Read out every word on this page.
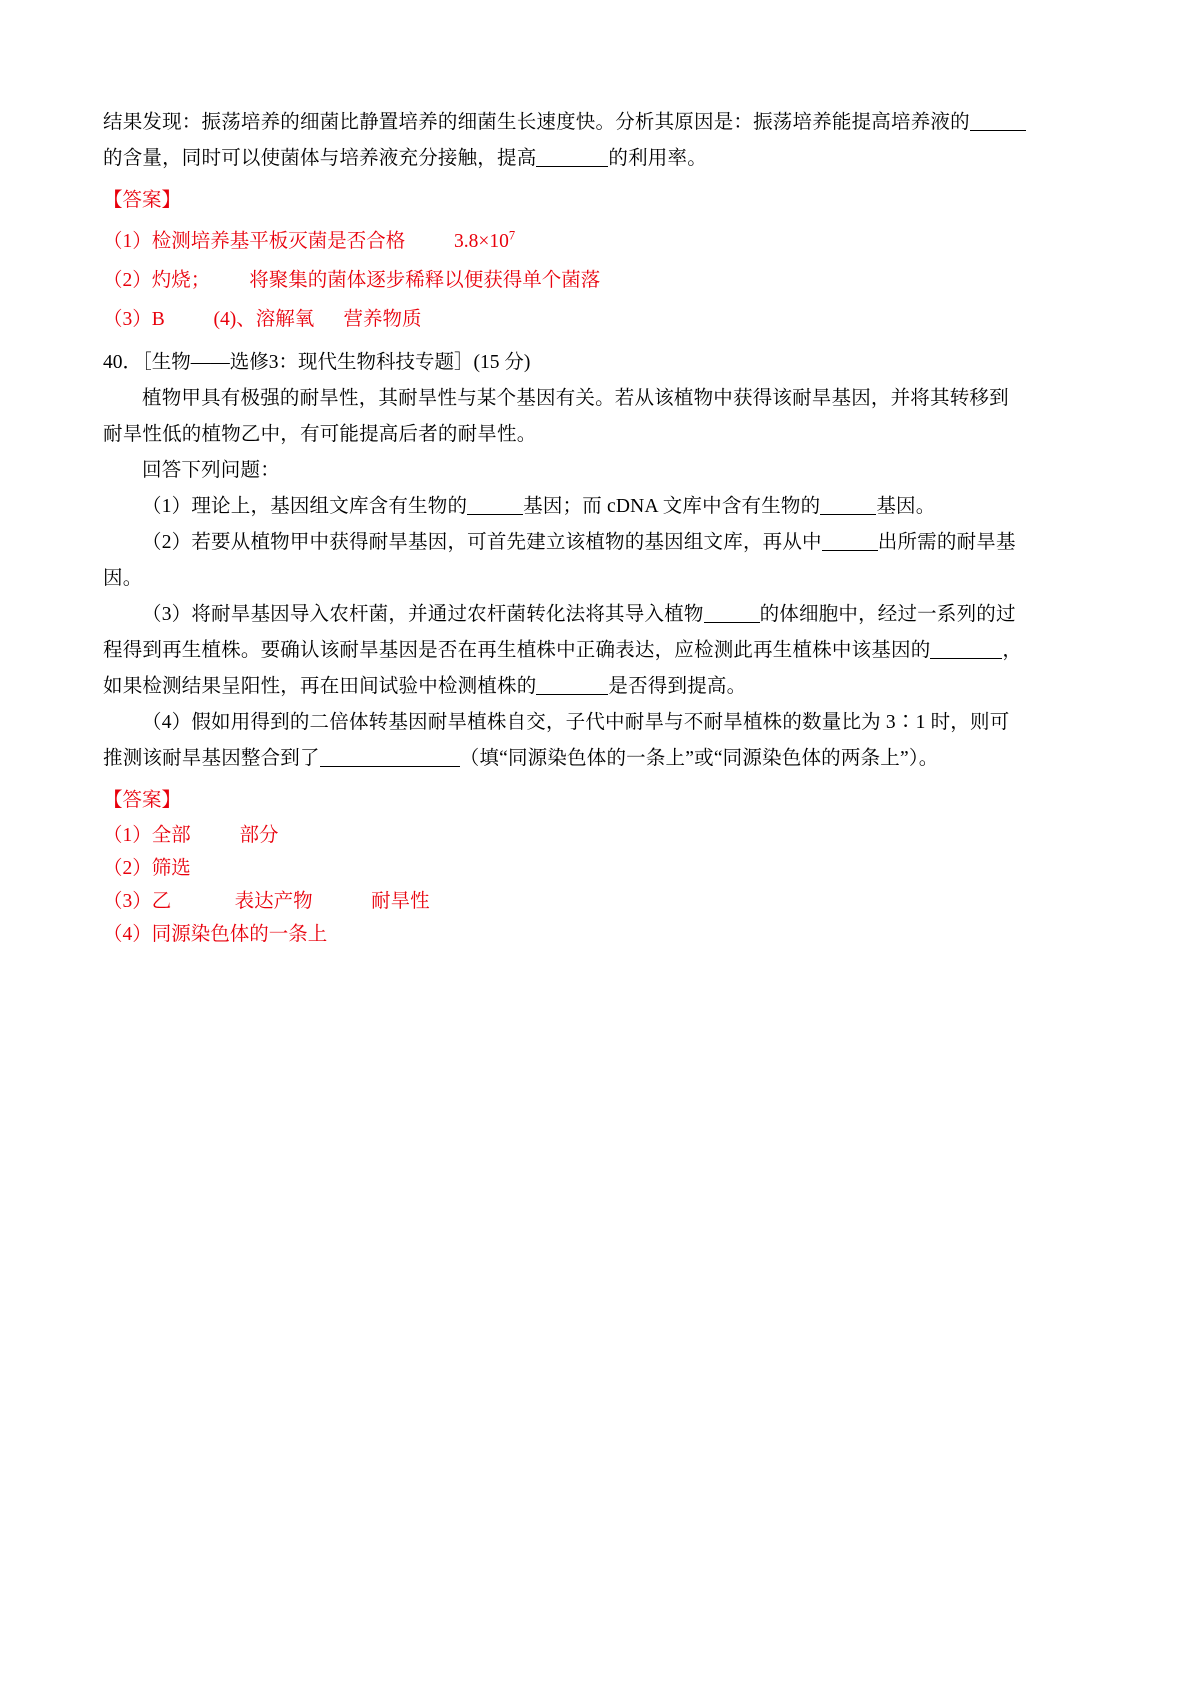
结果发现：振荡培养的细菌比静置培养的细菌生长速度快。分析其原因是：振荡培养能提高培养液的

的含量，同时可以使菌体与培养液充分接触，提高	的利用率。

【答案】

（1）检测培养基平板灭菌是否合格	$3.8\times 10^7$

（2）灼烧； 将聚集的菌体逐步稀释以便获得单个菌落

（3）B	(4)、溶解氧 营养物质

40．［生物——选修3：现代生物科技专题］(15 分)

植物甲具有极强的耐旱性，其耐旱性与某个基因有关。若从该植物中获得该耐旱基因，并将其转移到

耐旱性低的植物乙中，有可能提高后者的耐旱性。

回答下列问题：

（1）理论上，基因组文库含有生物的	基因；而 cDNA 文库中含有生物的	基因。

（2）若要从植物甲中获得耐旱基因，可首先建立该植物的基因组文库，再从中	出所需的耐旱基

因。

（3）将耐旱基因导入农杆菌，并通过农杆菌转化法将其导入植物	的体细胞中，经过一系列的过

程得到再生植株。要确认该耐旱基因是否在再生植株中正确表达，应检测此再生植株中该基因的	，

如果检测结果呈阳性，再在田间试验中检测植株的	是否得到提高。

（4）假如用得到的二倍体转基因耐旱植株自交，子代中耐旱与不耐旱植株的数量比为 3∶1 时，则可

推测该耐旱基因整合到了	（填“同源染色体的一条上”或“同源染色体的两条上”）。

【答案】

（1）全部	部分

（2）筛选

（3）乙	表达产物	耐旱性

（4）同源染色体的一条上
